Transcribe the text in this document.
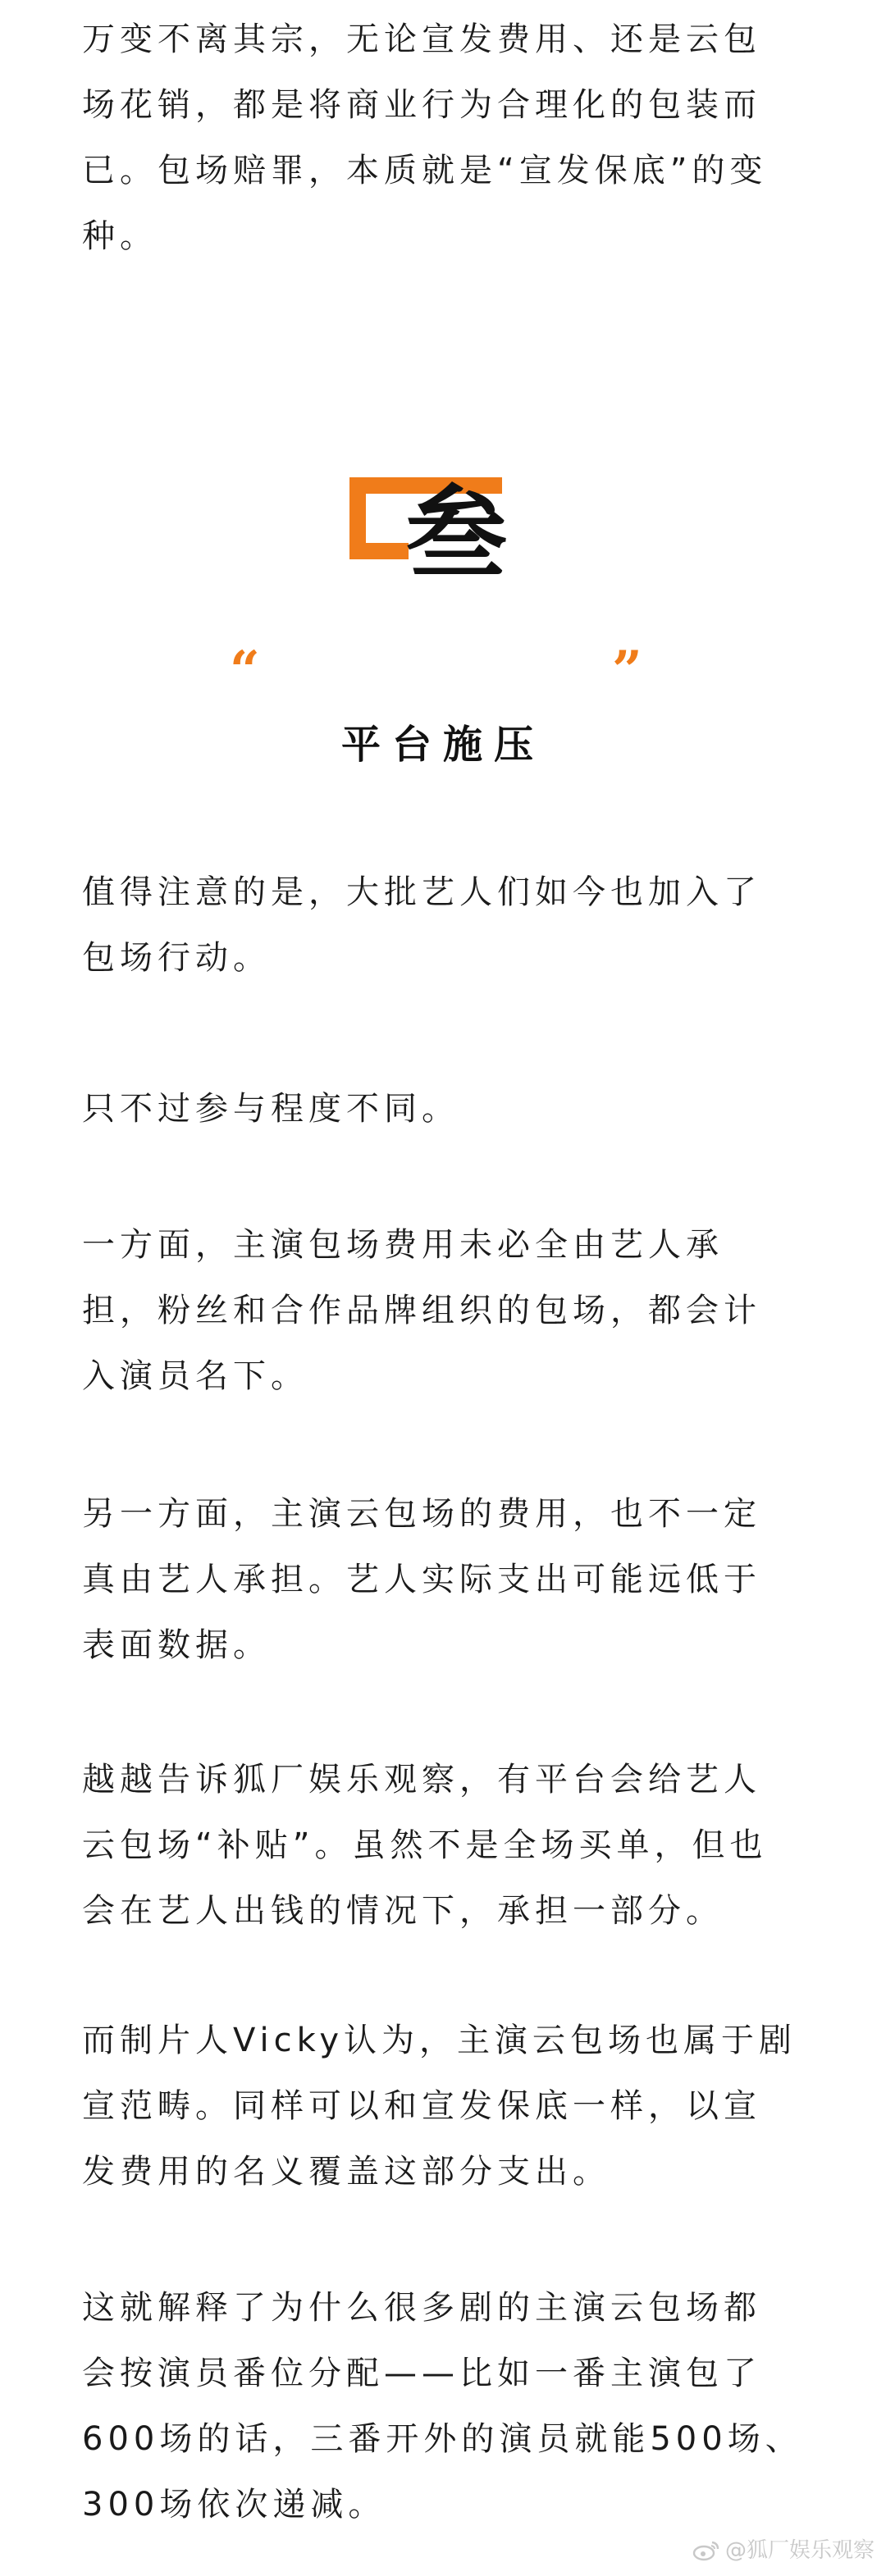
万变不离其宗，无论宣发费用、还是云包
场花销，都是将商业行为合理化的包装而
已。包场赔罪，本质就是“宣发保底”的变
种。

叁
“	”
平台施压

值得注意的是，大批艺人们如今也加入了
包场行动。

只不过参与程度不同。

一方面，主演包场费用未必全由艺人承
担，粉丝和合作品牌组织的包场，都会计
入演员名下。

另一方面，主演云包场的费用，也不一定
真由艺人承担。艺人实际支出可能远低于
表面数据。

越越告诉狐厂娱乐观察，有平台会给艺人
云包场“补贴”。虽然不是全场买单，但也
会在艺人出钱的情况下，承担一部分。

而制片人Vicky认为，主演云包场也属于剧
宣范畴。同样可以和宣发保底一样，以宣
发费用的名义覆盖这部分支出。

这就解释了为什么很多剧的主演云包场都
会按演员番位分配——比如一番主演包了
600场的话，三番开外的演员就能500场、
300场依次递减。

@狐厂娱乐观察
